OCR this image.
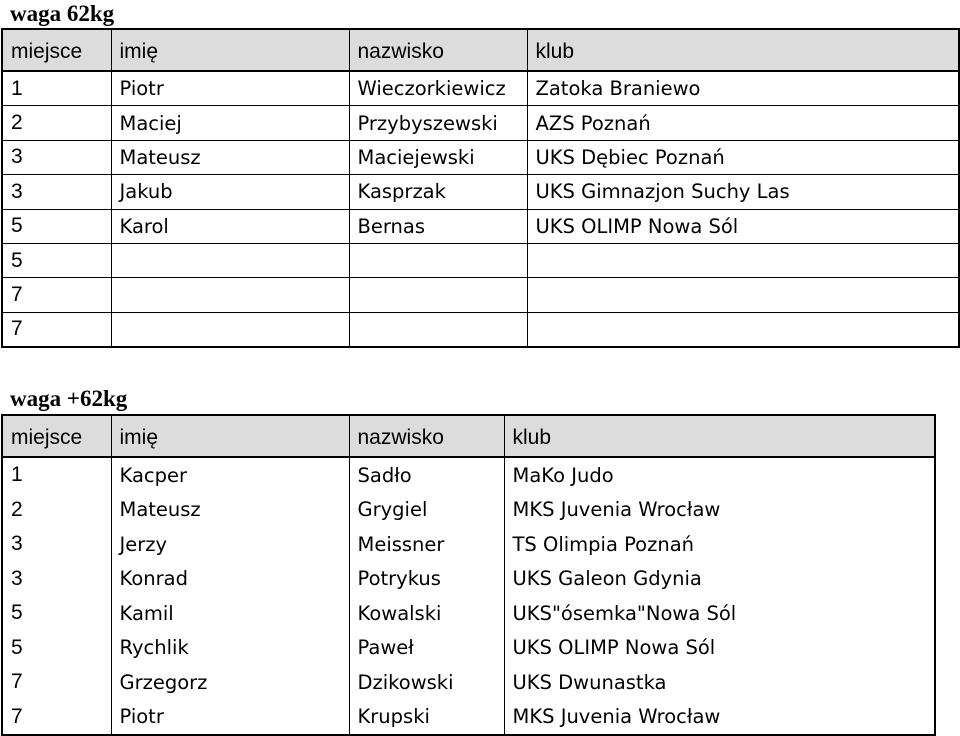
waga 62kg
miejsce	imię	nazwisko	klub
1	Piotr	Wieczorkiewicz	Zatoka Braniewo
2	Maciej	Przybyszewski	AZS Poznań
3	Mateusz	Maciejewski	UKS Dębiec Poznań
3	Jakub	Kasprzak	UKS Gimnazjon Suchy Las
5	Karol	Bernas	UKS OLIMP Nowa Sól
5			
7			
7			
waga +62kg
miejsce	imię	nazwisko	klub
1	Kacper	Sadło	MaKo Judo
2	Mateusz	Grygiel	MKS Juvenia Wrocław
3	Jerzy	Meissner	TS Olimpia Poznań
3	Konrad	Potrykus	UKS Galeon Gdynia
5	Kamil	Kowalski	UKS"ósemka"Nowa Sól
5	Rychlik	Paweł	UKS OLIMP Nowa Sól
7	Grzegorz	Dzikowski	UKS Dwunastka
7	Piotr	Krupski	MKS Juvenia Wrocław
